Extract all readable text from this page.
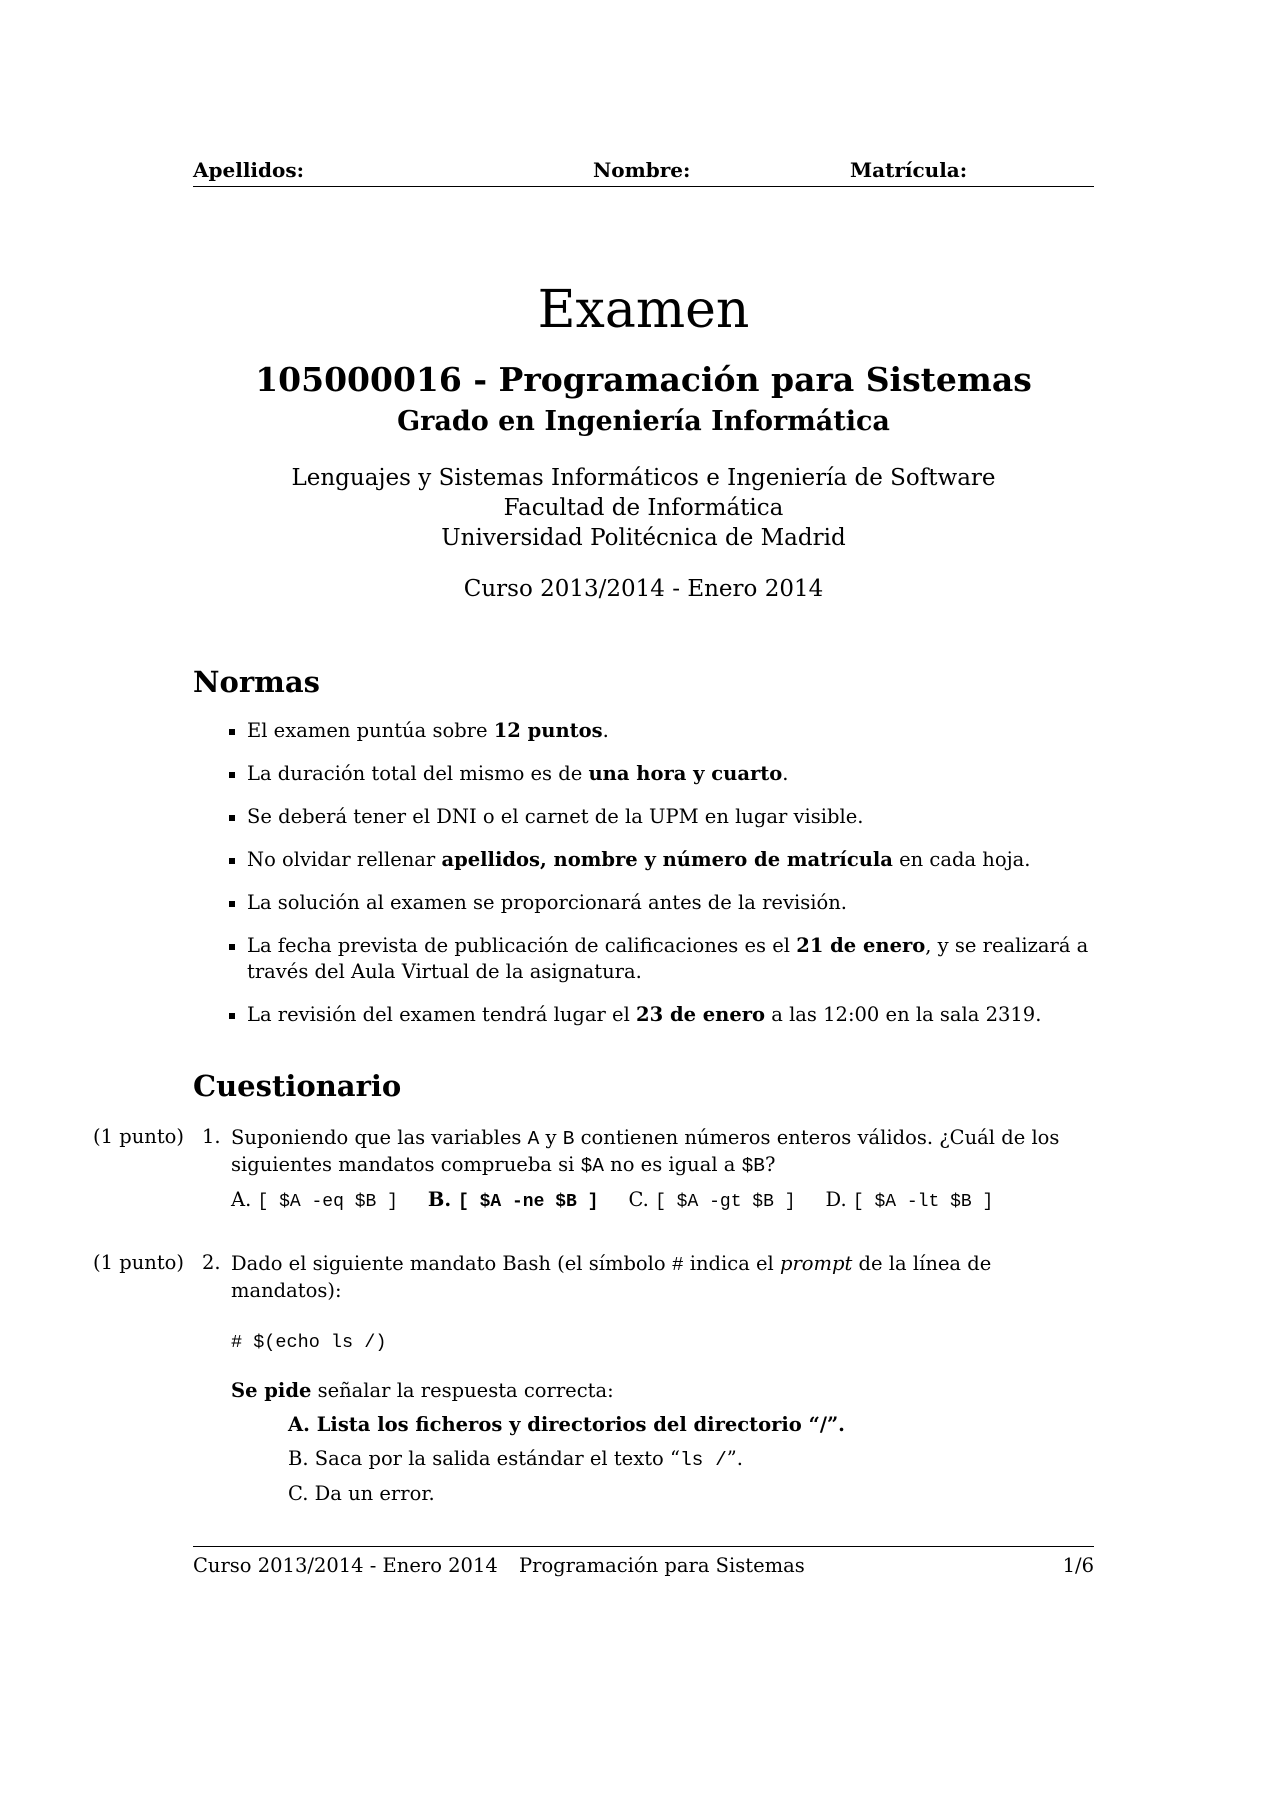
Apellidos:	Nombre:	Matrícula:
Examen
105000016 - Programación para Sistemas
Grado en Ingeniería Informática
Lenguajes y Sistemas Informáticos e Ingeniería de Software
Facultad de Informática
Universidad Politécnica de Madrid
Curso 2013/2014 - Enero 2014
Normas
El examen puntúa sobre 12 puntos.
La duración total del mismo es de una hora y cuarto.
Se deberá tener el DNI o el carnet de la UPM en lugar visible.
No olvidar rellenar apellidos, nombre y número de matrícula en cada hoja.
La solución al examen se proporcionará antes de la revisión.
La fecha prevista de publicación de calificaciones es el 21 de enero, y se realizará a través del Aula Virtual de la asignatura.
La revisión del examen tendrá lugar el 23 de enero a las 12:00 en la sala 2319.
Cuestionario
(1 punto) 1. Suponiendo que las variables A y B contienen números enteros válidos. ¿Cuál de los siguientes mandatos comprueba si $A no es igual a $B?
A. [ $A -eq $B ] B. [ $A -ne $B ] C. [ $A -gt $B ] D. [ $A -lt $B ]
(1 punto) 2. Dado el siguiente mandato Bash (el símbolo # indica el prompt de la línea de mandatos):
# $(echo ls /)
Se pide señalar la respuesta correcta:
A. Lista los ficheros y directorios del directorio “/”.
B. Saca por la salida estándar el texto “ls /”.
C. Da un error.
Curso 2013/2014 - Enero 2014 Programación para Sistemas	1/6
